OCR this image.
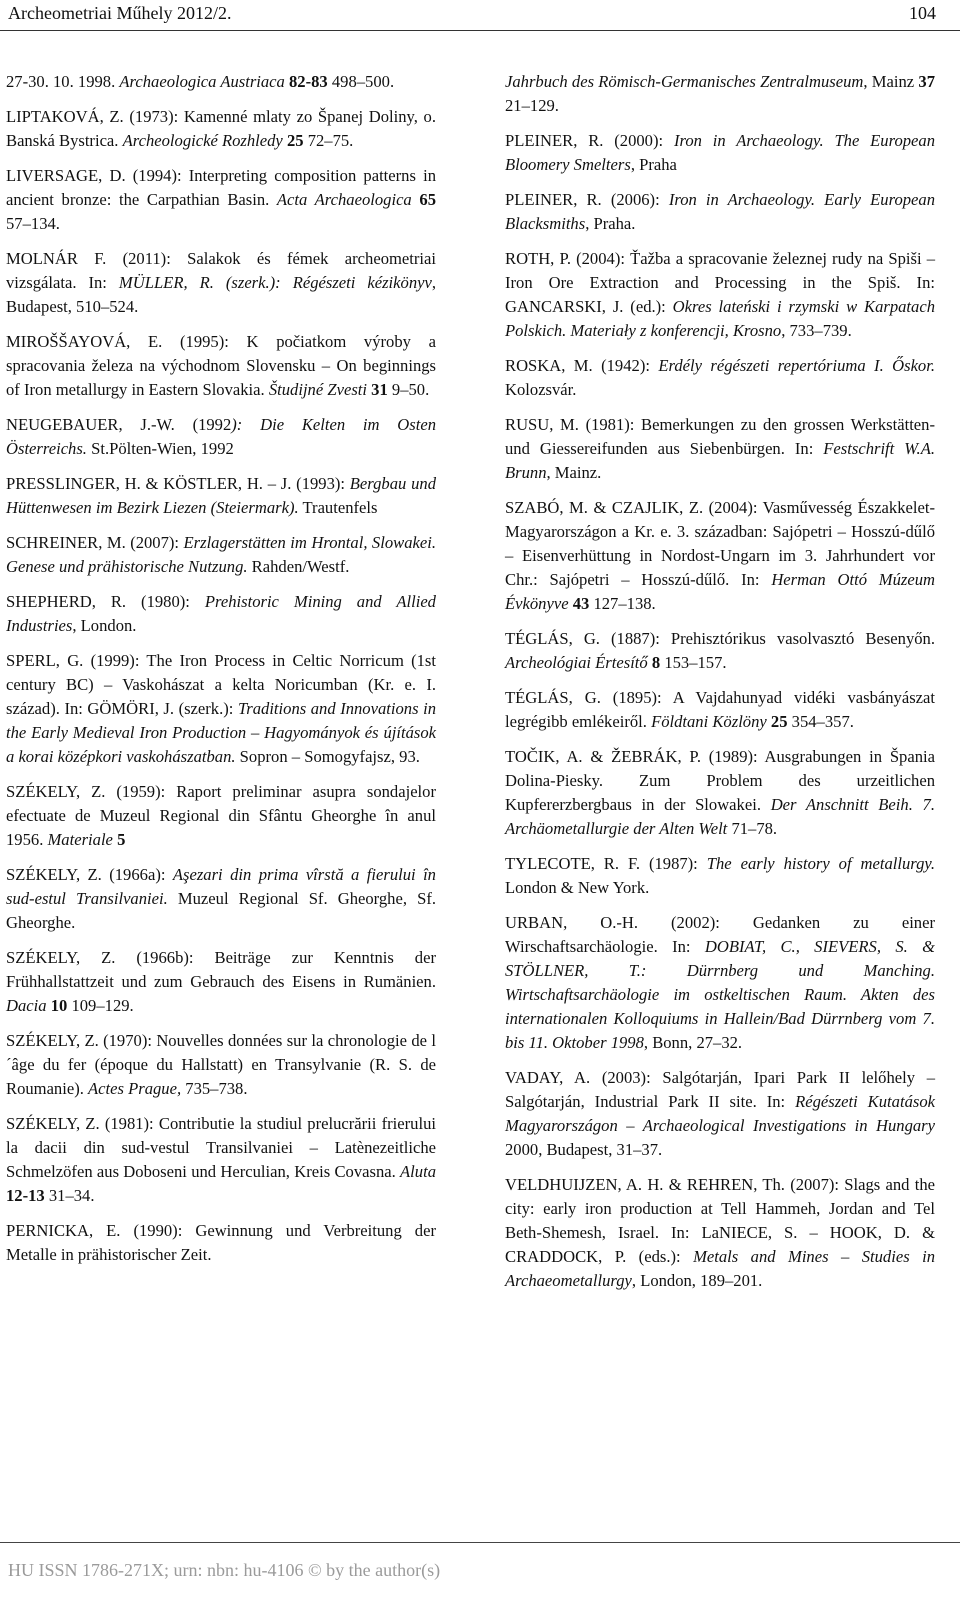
Archeometriai Műhely 2012/2.	104

27-30. 10. 1998. Archaeologica Austriaca 82-83 498–500.

LIPTAKOVÁ, Z. (1973): Kamenné mlaty zo Španej Doliny, o. Banská Bystrica. Archeologické Rozhledy 25 72–75.

LIVERSAGE, D. (1994): Interpreting composition patterns in ancient bronze: the Carpathian Basin. Acta Archaeologica 65 57–134.

MOLNÁR F. (2011): Salakok és fémek archeometriai vizsgálata. In: MÜLLER, R. (szerk.): Régészeti kézikönyv, Budapest, 510–524.

MIROŠŠAYOVÁ, E. (1995): K počiatkom výroby a spracovania železa na východnom Slovensku – On beginnings of Iron metallurgy in Eastern Slovakia. Študijné Zvesti 31 9–50.

NEUGEBAUER, J.-W. (1992): Die Kelten im Osten Österreichs. St.Pölten-Wien, 1992

PRESSLINGER, H. & KÖSTLER, H. – J. (1993): Bergbau und Hüttenwesen im Bezirk Liezen (Steiermark). Trautenfels

SCHREINER, M. (2007): Erzlagerstätten im Hrontal, Slowakei. Genese und prähistorische Nutzung. Rahden/Westf.

SHEPHERD, R. (1980): Prehistoric Mining and Allied Industries, London.

SPERL, G. (1999): The Iron Process in Celtic Norricum (1st century BC) – Vaskohászat a kelta Noricumban (Kr. e. I. század). In: GÖMÖRI, J. (szerk.): Traditions and Innovations in the Early Medieval Iron Production – Hagyományok és újítások a korai középkori vaskohászatban. Sopron – Somogyfajsz, 93.

SZÉKELY, Z. (1959): Raport preliminar asupra sondajelor efectuate de Muzeul Regional din Sfântu Gheorghe în anul 1956. Materiale 5

SZÉKELY, Z. (1966a): Aşezari din prima vîrstă a fierului în sud-estul Transilvaniei. Muzeul Regional Sf. Gheorghe, Sf. Gheorghe.

SZÉKELY, Z. (1966b): Beiträge zur Kenntnis der Frühhallstattzeit und zum Gebrauch des Eisens in Rumänien. Dacia 10 109–129.

SZÉKELY, Z. (1970): Nouvelles données sur la chronologie de l´âge du fer (époque du Hallstatt) en Transylvanie (R. S. de Roumanie). Actes Prague, 735–738.

SZÉKELY, Z. (1981): Contributie la studiul prelucrării frierului la dacii din sud-vestul Transilvaniei – Latènezeitliche Schmelzöfen aus Doboseni und Herculian, Kreis Covasna. Aluta 12-13 31–34.

PERNICKA, E. (1990): Gewinnung und Verbreitung der Metalle in prähistorischer Zeit.

Jahrbuch des Römisch-Germanisches Zentralmuseum, Mainz 37 21–129.

PLEINER, R. (2000): Iron in Archaeology. The European Bloomery Smelters, Praha

PLEINER, R. (2006): Iron in Archaeology. Early European Blacksmiths, Praha.

ROTH, P. (2004): Ťažba a spracovanie železnej rudy na Spiši – Iron Ore Extraction and Processing in the Spiš. In: GANCARSKI, J. (ed.): Okres lateński i rzymski w Karpatach Polskich. Materiały z konferencji, Krosno, 733–739.

ROSKA, M. (1942): Erdély régészeti repertóriuma I. Őskor. Kolozsvár.

RUSU, M. (1981): Bemerkungen zu den grossen Werkstätten- und Giessereifunden aus Siebenbürgen. In: Festschrift W.A. Brunn, Mainz.

SZABÓ, M. & CZAJLIK, Z. (2004): Vasművesség Északkelet-Magyarországon a Kr. e. 3. században: Sajópetri – Hosszú-dűlő – Eisenverhüttung in Nordost-Ungarn im 3. Jahrhundert vor Chr.: Sajópetri – Hosszú-dűlő. In: Herman Ottó Múzeum Évkönyve 43 127–138.

TÉGLÁS, G. (1887): Prehisztórikus vasolvasztó Besenyőn. Archeológiai Értesítő 8 153–157.

TÉGLÁS, G. (1895): A Vajdahunyad vidéki vasbányászat legrégibb emlékeiről. Földtani Közlöny 25 354–357.

TOČIK, A. & ŽEBRÁK, P. (1989): Ausgrabungen in Špania Dolina-Piesky. Zum Problem des urzeitlichen Kupfererzbergbaus in der Slowakei. Der Anschnitt Beih. 7. Archäometallurgie der Alten Welt 71–78.

TYLECOTE, R. F. (1987): The early history of metallurgy. London & New York.

URBAN, O.-H. (2002): Gedanken zu einer Wirschaftsarchäologie. In: DOBIAT, C., SIEVERS, S. & STÖLLNER, T.: Dürrnberg und Manching. Wirtschaftsarchäologie im ostkeltischen Raum. Akten des internationalen Kolloquiums in Hallein/Bad Dürrnberg vom 7. bis 11. Oktober 1998, Bonn, 27–32.

VADAY, A. (2003): Salgótarján, Ipari Park II lelőhely – Salgótarján, Industrial Park II site. In: Régészeti Kutatások Magyarországon – Archaeological Investigations in Hungary 2000, Budapest, 31–37.

VELDHUIJZEN, A. H. & REHREN, Th. (2007): Slags and the city: early iron production at Tell Hammeh, Jordan and Tel Beth-Shemesh, Israel. In: LaNIECE, S. – HOOK, D. & CRADDOCK, P. (eds.): Metals and Mines – Studies in Archaeometallurgy, London, 189–201.

HU ISSN 1786-271X; urn: nbn: hu-4106 © by the author(s)
